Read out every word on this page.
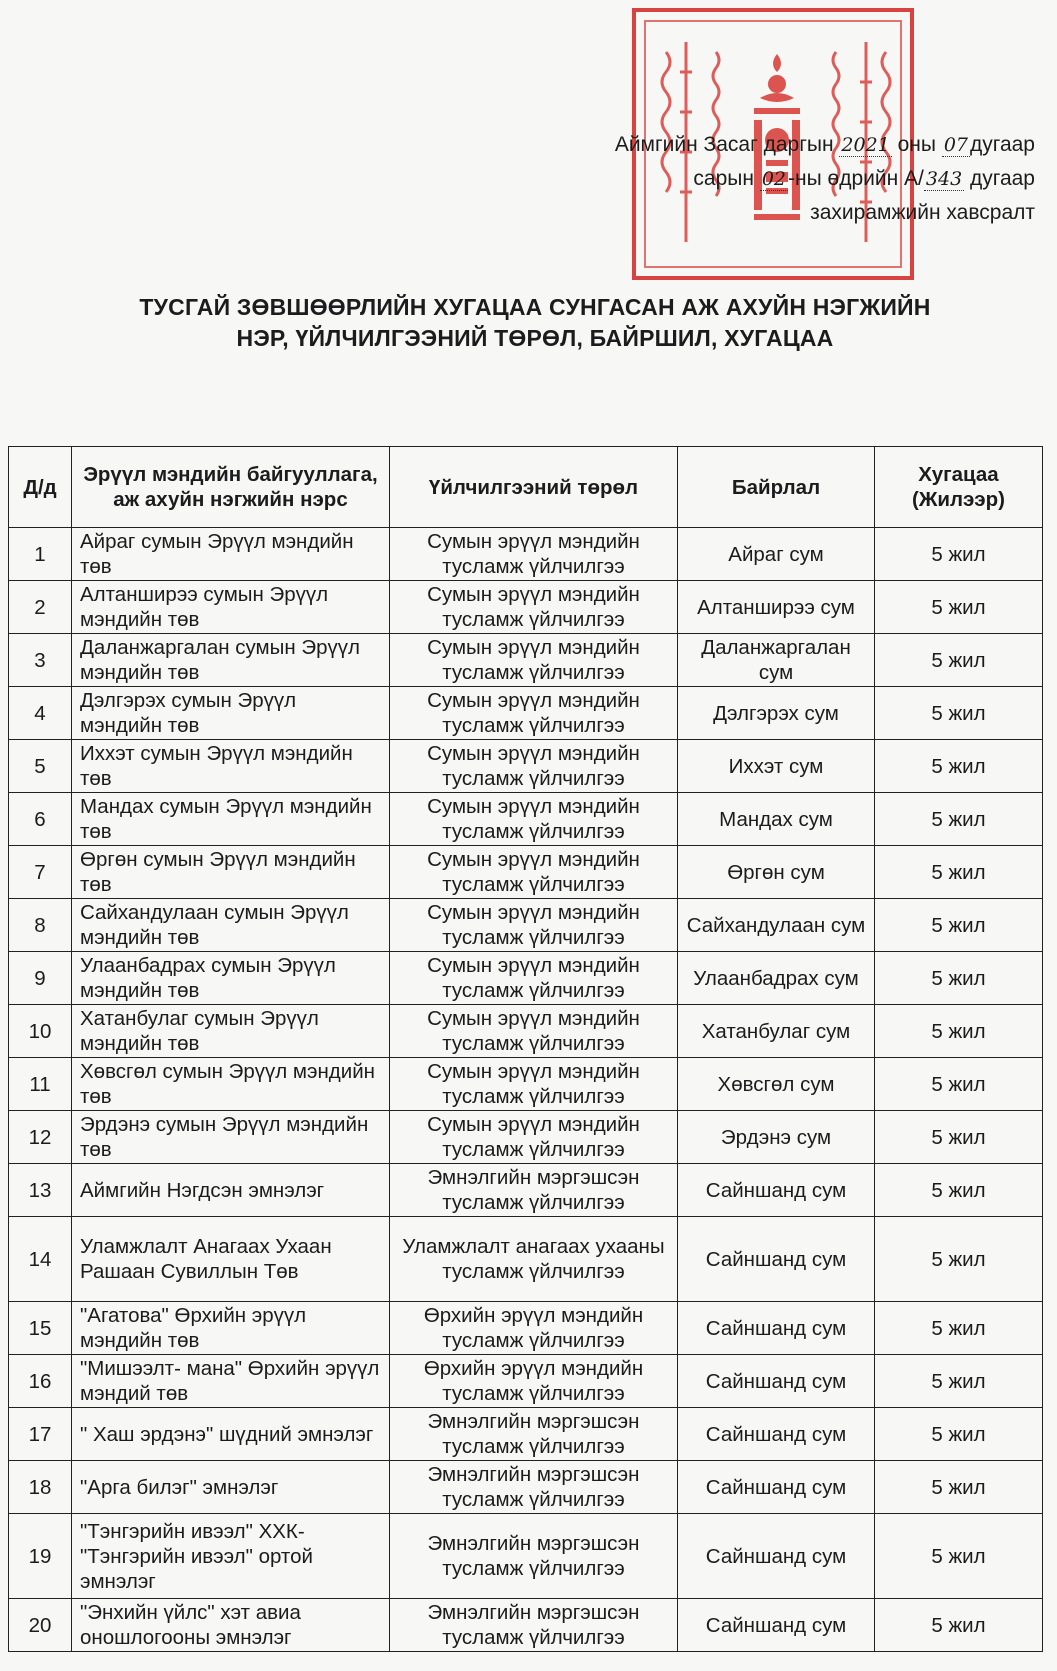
Аймгийн Засаг даргын 2021 оны 07дугаар
сарын 02-ны өдрийн А/ 343 дугаар
захирамжийн хавсралт
ТУСГАЙ ЗӨВШӨӨРЛИЙН ХУГАЦАА СУНГАСАН АЖ АХУЙН НЭГЖИЙН
НЭР, ҮЙЛЧИЛГЭЭНИЙ ТӨРӨЛ, БАЙРШИЛ, ХУГАЦАА
Д/д	Эрүүл мэндийн байгууллага, аж ахуйн нэгжийн нэрс	Үйлчилгээний төрөл	Байрлал	Хугацаа (Жилээр)
1	Айраг сумын Эрүүл мэндийн төв	Сумын эрүүл мэндийн тусламж үйлчилгээ	Айраг сум	5 жил
2	Алтанширээ сумын Эрүүл мэндийн төв	Сумын эрүүл мэндийн тусламж үйлчилгээ	Алтанширээ сум	5 жил
3	Даланжаргалан сумын Эрүүл мэндийн төв	Сумын эрүүл мэндийн тусламж үйлчилгээ	Даланжаргалан сум	5 жил
4	Дэлгэрэх сумын Эрүүл мэндийн төв	Сумын эрүүл мэндийн тусламж үйлчилгээ	Дэлгэрэх сум	5 жил
5	Иххэт сумын Эрүүл мэндийн төв	Сумын эрүүл мэндийн тусламж үйлчилгээ	Иххэт сум	5 жил
6	Мандах сумын Эрүүл мэндийн төв	Сумын эрүүл мэндийн тусламж үйлчилгээ	Мандах сум	5 жил
7	Өргөн сумын Эрүүл мэндийн төв	Сумын эрүүл мэндийн тусламж үйлчилгээ	Өргөн сум	5 жил
8	Сайхандулаан сумын Эрүүл мэндийн төв	Сумын эрүүл мэндийн тусламж үйлчилгээ	Сайхандулаан сум	5 жил
9	Улаанбадрах сумын Эрүүл мэндийн төв	Сумын эрүүл мэндийн тусламж үйлчилгээ	Улаанбадрах сум	5 жил
10	Хатанбулаг сумын Эрүүл мэндийн төв	Сумын эрүүл мэндийн тусламж үйлчилгээ	Хатанбулаг сум	5 жил
11	Хөвсгөл сумын Эрүүл мэндийн төв	Сумын эрүүл мэндийн тусламж үйлчилгээ	Хөвсгөл сум	5 жил
12	Эрдэнэ сумын Эрүүл мэндийн төв	Сумын эрүүл мэндийн тусламж үйлчилгээ	Эрдэнэ сум	5 жил
13	Аймгийн Нэгдсэн эмнэлэг	Эмнэлгийн мэргэшсэн тусламж үйлчилгээ	Сайншанд сум	5 жил
14	Уламжлалт Анагаах Ухаан Рашаан Сувиллын Төв	Уламжлалт анагаах ухааны тусламж үйлчилгээ	Сайншанд сум	5 жил
15	"Агатова" Өрхийн эрүүл мэндийн төв	Өрхийн эрүүл мэндийн тусламж үйлчилгээ	Сайншанд сум	5 жил
16	"Мишээлт- мана" Өрхийн эрүүл мэндий төв	Өрхийн эрүүл мэндийн тусламж үйлчилгээ	Сайншанд сум	5 жил
17	" Хаш эрдэнэ" шүдний эмнэлэг	Эмнэлгийн мэргэшсэн тусламж үйлчилгээ	Сайншанд сум	5 жил
18	"Арга билэг" эмнэлэг	Эмнэлгийн мэргэшсэн тусламж үйлчилгээ	Сайншанд сум	5 жил
19	"Тэнгэрийн ивээл" ХХК- "Тэнгэрийн ивээл" ортой эмнэлэг	Эмнэлгийн мэргэшсэн тусламж үйлчилгээ	Сайншанд сум	5 жил
20	"Энхийн үйлс" хэт авиа оношлогооны эмнэлэг	Эмнэлгийн мэргэшсэн тусламж үйлчилгээ	Сайншанд сум	5 жил
